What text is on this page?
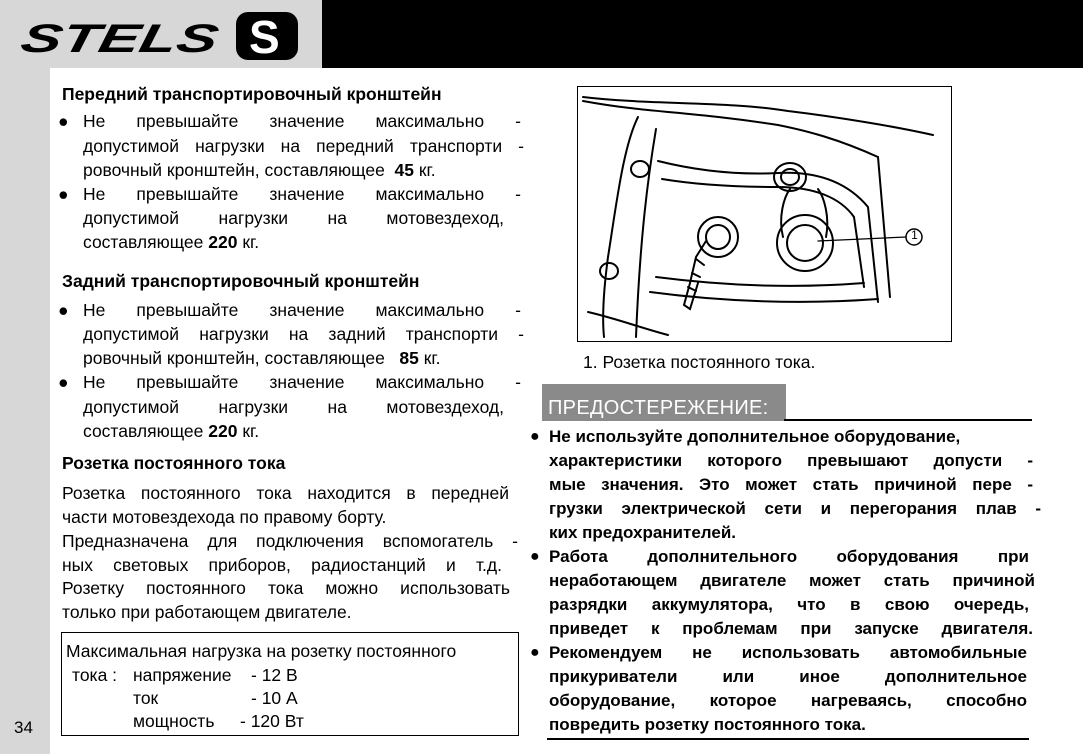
STELS	S
34
Передний транспортировочный кронштейн
● Не превышайте значение максимально -
допустимой нагрузки на передний транспорти -
ровочный кронштейн, составляющее 45 кг.
● Не превышайте значение максимально -
допустимой нагрузки на мотовездеход,
составляющее 220 кг.
Задний транспортировочный кронштейн
● Не превышайте значение максимально -
допустимой нагрузки на задний транспорти -
ровочный кронштейн, составляющее 85 кг.
● Не превышайте значение максимально -
допустимой нагрузки на мотовездеход,
составляющее 220 кг.
Розетка постоянного тока
Розетка постоянного тока находится в передней
части мотовездехода по правому борту.
Предназначена для подключения вспомогатель -
ных световых приборов, радиостанций и т.д.
Розетку постоянного тока можно использовать
только при работающем двигателе.
Максимальная нагрузка на розетку постоянного
тока : напряжение - 12 В
ток	- 10 А
мощность - 120 Вт
1
1. Розетка постоянного тока.
ПРЕДОСТЕРЕЖЕНИЕ:
● Не используйте дополнительное оборудование,
характеристики которого превышают допусти -
мые значения. Это может стать причиной пере -
грузки электрической сети и перегорания плав -
ких предохранителей.
● Работа дополнительного оборудования при
неработающем двигателе может стать причиной
разрядки аккумулятора, что в свою очередь,
приведет к проблемам при запуске двигателя.
● Рекомендуем не использовать автомобильные
прикуриватели или иное дополнительное
оборудование, которое нагреваясь, способно
повредить розетку постоянного тока.
